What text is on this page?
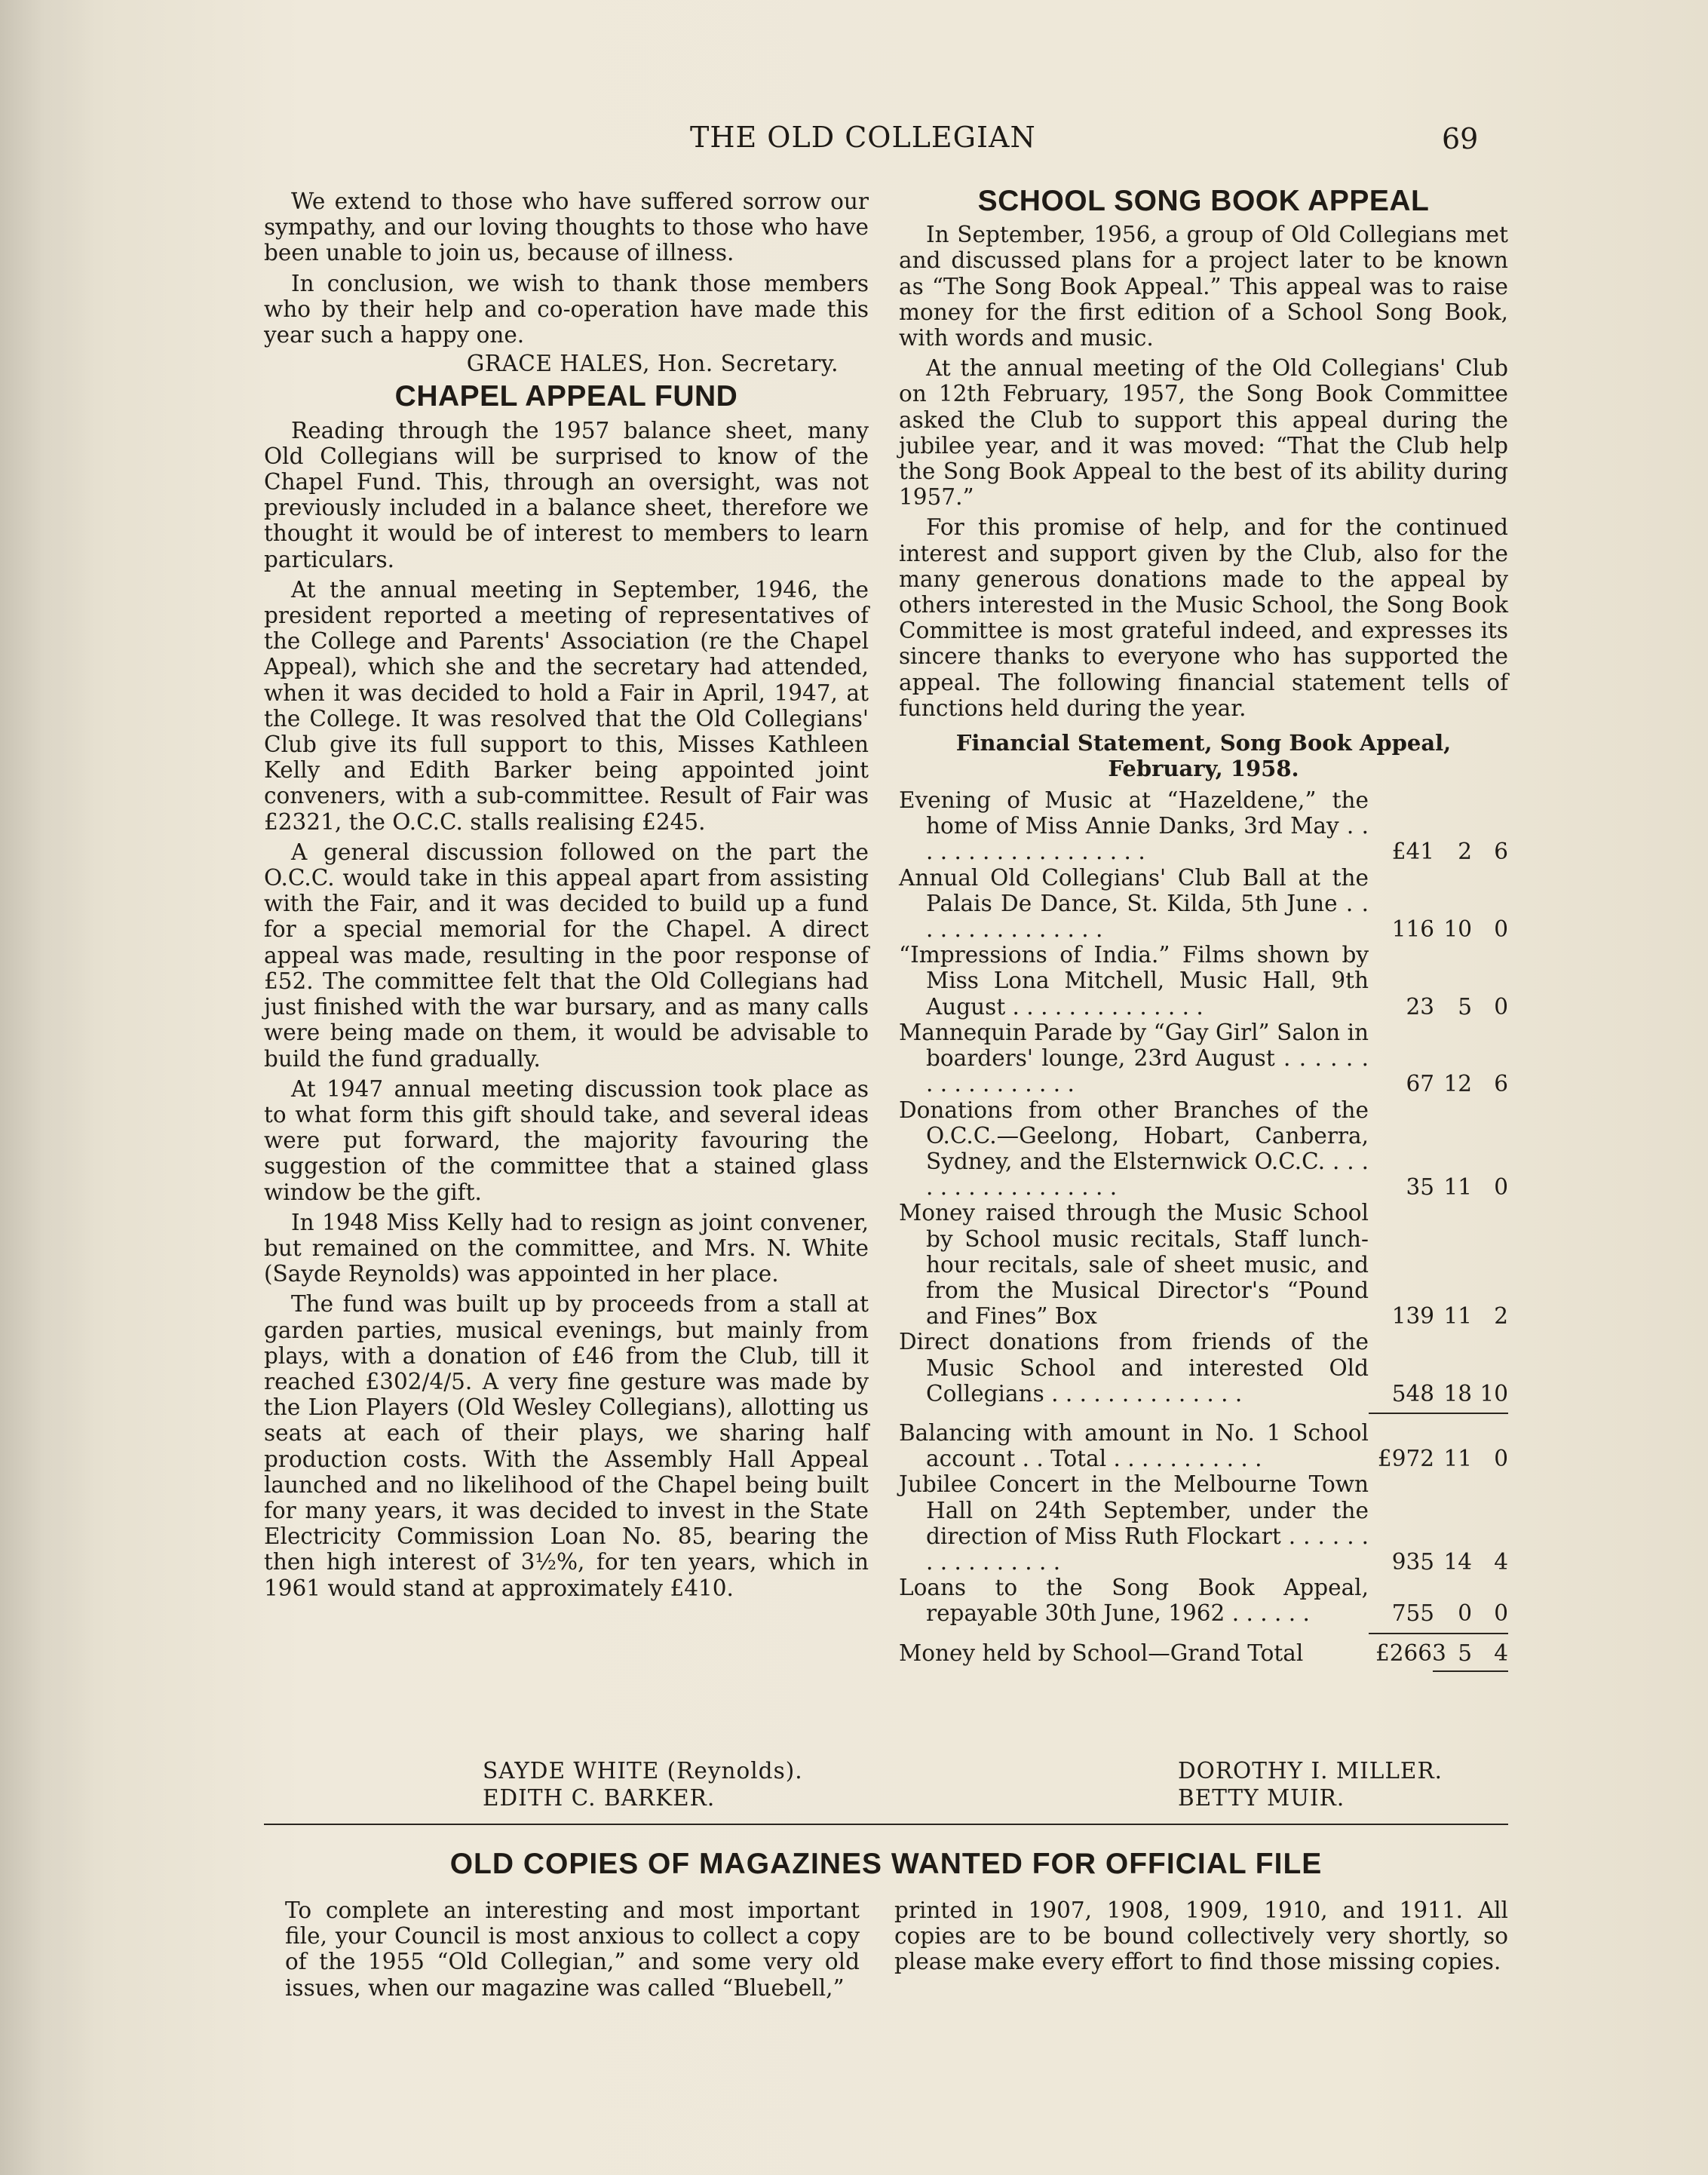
THE OLD COLLEGIAN	69

We extend to those who have suffered sorrow our sympathy, and our loving thoughts to those who have been unable to join us, because of illness.

In conclusion, we wish to thank those members who by their help and co-operation have made this year such a happy one.

GRACE HALES, Hon. Secretary.
CHAPEL APPEAL FUND

Reading through the 1957 balance sheet, many Old Collegians will be surprised to know of the Chapel Fund. This, through an oversight, was not previously included in a balance sheet, therefore we thought it would be of interest to members to learn particulars.

At the annual meeting in September, 1946, the president reported a meeting of representatives of the College and Parents' Association (re the Chapel Appeal), which she and the secretary had attended, when it was decided to hold a Fair in April, 1947, at the College. It was resolved that the Old Collegians' Club give its full support to this, Misses Kathleen Kelly and Edith Barker being appointed joint conveners, with a sub-committee. Result of Fair was £2321, the O.C.C. stalls realising £245.

A general discussion followed on the part the O.C.C. would take in this appeal apart from assisting with the Fair, and it was decided to build up a fund for a special memorial for the Chapel. A direct appeal was made, resulting in the poor response of £52. The committee felt that the Old Collegians had just finished with the war bursary, and as many calls were being made on them, it would be advisable to build the fund gradually.

At 1947 annual meeting discussion took place as to what form this gift should take, and several ideas were put forward, the majority favouring the suggestion of the committee that a stained glass window be the gift.

In 1948 Miss Kelly had to resign as joint convener, but remained on the committee, and Mrs. N. White (Sayde Reynolds) was appointed in her place.

The fund was built up by proceeds from a stall at garden parties, musical evenings, but mainly from plays, with a donation of £46 from the Club, till it reached £302/4/5. A very fine gesture was made by the Lion Players (Old Wesley Collegians), allotting us seats at each of their plays, we sharing half production costs. With the Assembly Hall Appeal launched and no likelihood of the Chapel being built for many years, it was decided to invest in the State Electricity Commission Loan No. 85, bearing the then high interest of 3½%, for ten years, which in 1961 would stand at approximately £410.

SCHOOL SONG BOOK APPEAL

In September, 1956, a group of Old Collegians met and discussed plans for a project later to be known as “The Song Book Appeal.” This appeal was to raise money for the first edition of a School Song Book, with words and music.

At the annual meeting of the Old Collegians' Club on 12th February, 1957, the Song Book Committee asked the Club to support this appeal during the jubilee year, and it was moved: “That the Club help the Song Book Appeal to the best of its ability during 1957.”

For this promise of help, and for the continued interest and support given by the Club, also for the many generous donations made to the appeal by others interested in the Music School, the Song Book Committee is most grateful indeed, and expresses its sincere thanks to everyone who has supported the appeal. The following financial statement tells of functions held during the year.

Financial Statement, Song Book Appeal,
February, 1958.
Evening of Music at “Hazeldene,” the home of Miss Annie Danks, 3rd May . . . . . . . . . . . . . . . . . .	£41	2 6
Annual Old Collegians' Club Ball at the Palais De Dance, St. Kilda, 5th June . . . . . . . . . . . . . . .	116 10 0
“Impressions of India.” Films shown by Miss Lona Mitchell, Music Hall, 9th August . . . . . . . . . . . . . .	23	5 0
Mannequin Parade by “Gay Girl” Salon in boarders' lounge, 23rd August . . . . . . . . . . . . . . . . .	67 12 6
Donations from other Branches of the O.C.C.—Geelong, Hobart, Canberra, Sydney, and the Elsternwick O.C.C. . . . . . . . . . . . . . . . . .	35 11 0
Money raised through the Music School by School music recitals, Staff lunch-hour recitals, sale of sheet music, and from the Musical Director's “Pound and Fines” Box	139 11 2
Direct donations from friends of the Music School and interested Old Collegians . . . . . . . . . . . . . .	548 18 10
Balancing with amount in No. 1 School account . . Total . . . . . . . . . . .	£972 11 0
Jubilee Concert in the Melbourne Town Hall on 24th September, under the direction of Miss Ruth Flockart . . . . . . . . . . . . . . . .	935 14 4
Loans to the Song Book Appeal, repayable 30th June, 1962 . . . . . .	755	0 0
Money held by School—Grand Total	£2663 5 4
SAYDE WHITE (Reynolds).
EDITH C. BARKER.
DOROTHY I. MILLER.
BETTY MUIR.
OLD COPIES OF MAGAZINES WANTED FOR OFFICIAL FILE

To complete an interesting and most important file, your Council is most anxious to collect a copy of the 1955 “Old Collegian,” and some very old issues, when our magazine was called “Bluebell,”

printed in 1907, 1908, 1909, 1910, and 1911. All copies are to be bound collectively very shortly, so please make every effort to find those missing copies.
